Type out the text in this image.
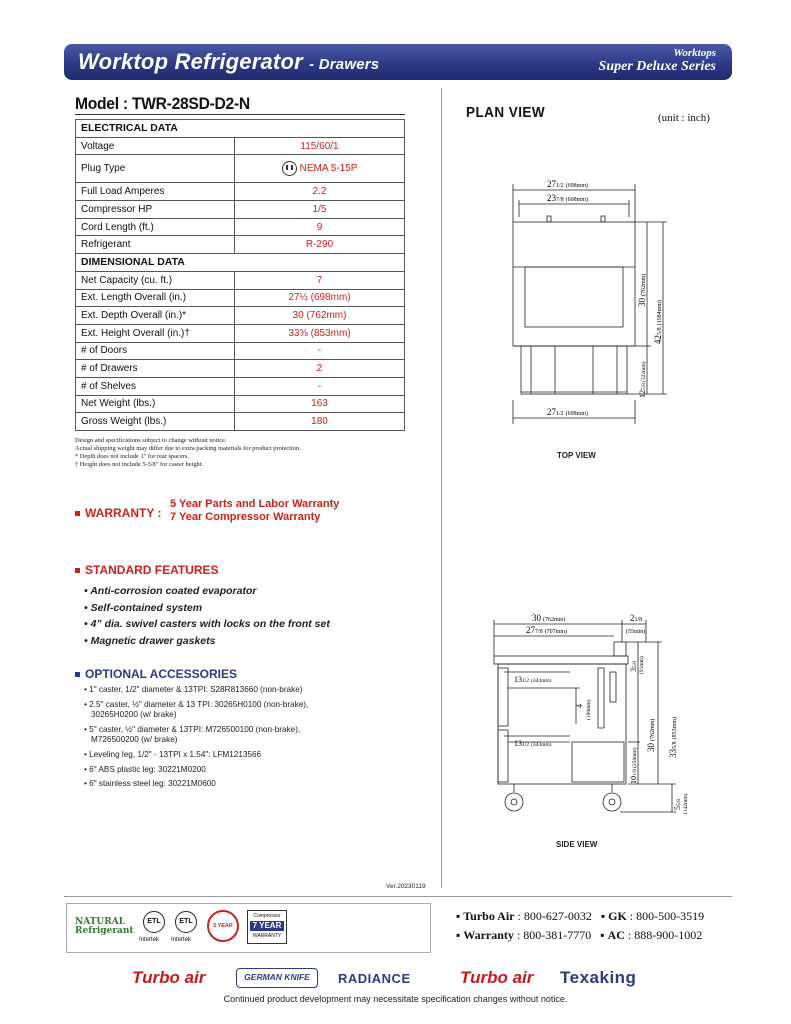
Worktop Refrigerator - Drawers
Worktops
Super Deluxe Series
Model : TWR-28SD-D2-N
ELECTRICAL DATA	
Voltage	115/60/1
Plug Type	NEMA 5-15P
Full Load Amperes	2.2
Compressor HP	1/5
Cord Length (ft.)	9
Refrigerant	R-290
DIMENSIONAL DATA	
Net Capacity (cu. ft.)	7
Ext. Length Overall (in.)	27½ (698mm)
Ext. Depth Overall (in.)*	30 (762mm)
Ext. Height Overall (in.)†	33⅝ (853mm)
# of Doors	-
# of Drawers	2
# of Shelves	-
Net Weight (lbs.)	163
Gross Weight (lbs.)	180
Design and specifications subject to change without notice.
Actual shipping weight may differ due to extra packing materials for product protection.
* Depth does not include 1" for rear spacers.
† Height does not include 5-5/8" for caster height.
WARRANTY :
5 Year Parts and Labor Warranty
7 Year Compressor Warranty
STANDARD FEATURES
• Anti-corrosion coated evaporator
• Self-contained system
• 4” dia. swivel casters with locks on the front set
• Magnetic drawer gaskets
OPTIONAL ACCESSORIES
• 1" caster, 1/2" diameter & 13TPI: S28R813660 (non-brake)
• 2.5" caster, ½" diameter & 13 TPI: 30265H0100 (non-brake),
30265H0200 (w/ brake)
• 5" caster, ½" diameter & 13TPI: M726500100 (non-brake),
M726500200 (w/ brake)
• Leveling leg, 1/2" - 13TPI x 1.54": LFM1213566
• 6" ABS plastic leg: 30221M0200
• 6" stainless steel leg: 30221M0600
Ver.20230119
PLAN VIEW	(unit : inch)
271/2 (698mm)
237/8 (608mm)
271/2 (698mm)
30(762mm)
425/8(1084mm)
125/8(322mm)
TOP VIEW
30 (762mm)
277/8 (707mm)
21/8
(55mm)
131/2 (343mm)
131/2 (343mm)
4 (100mm)
35/8 (91mm)
30(762mm)
335/8(853mm)
101/8(258mm)
55/8 (142mm)
SIDE VIEW
NATURAL
Refrigerant
ETL
Intertek
ETL
Intertek
5 YEAR
Compressor
7 YEAR
WARRANTY
▪ Turbo Air : 800-627-0032 ▪ GK : 800-500-3519
▪ Warranty : 800-381-7770 ▪ AC : 888-900-1002
Turbo air	GERMAN KNIFE	RADIANCE	Turbo air Texaking
Continued product development may necessitate specification changes without notice.
